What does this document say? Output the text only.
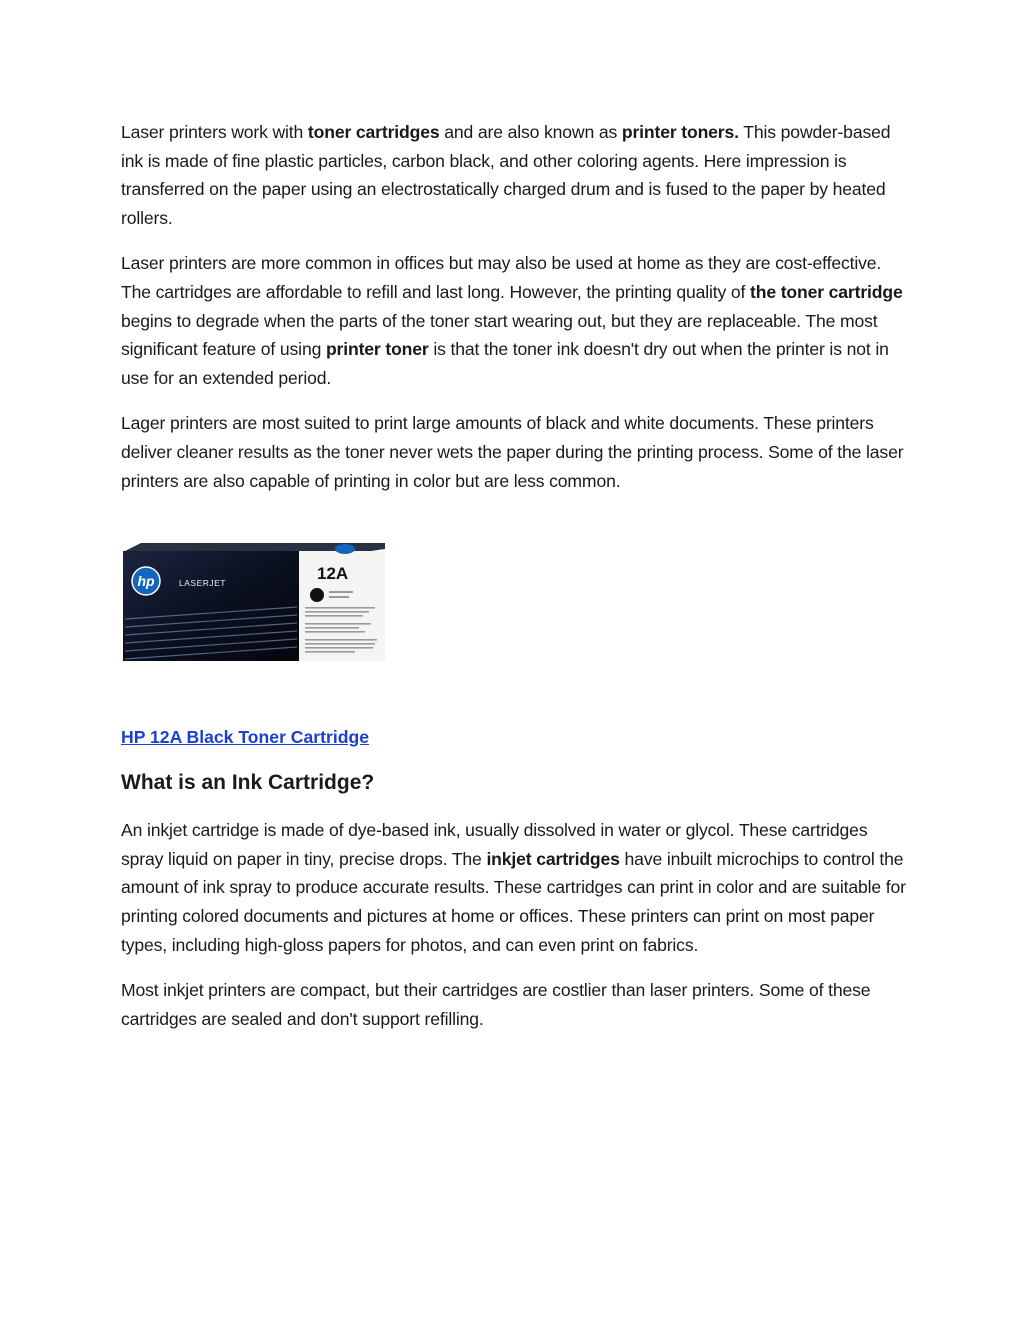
Laser printers work with toner cartridges and are also known as printer toners. This powder-based ink is made of fine plastic particles, carbon black, and other coloring agents. Here impression is transferred on the paper using an electrostatically charged drum and is fused to the paper by heated rollers.

Laser printers are more common in offices but may also be used at home as they are cost-effective. The cartridges are affordable to refill and last long. However, the printing quality of the toner cartridge begins to degrade when the parts of the toner start wearing out, but they are replaceable. The most significant feature of using printer toner is that the toner ink doesn't dry out when the printer is not in use for an extended period.

Lager printers are most suited to print large amounts of black and white documents. These printers deliver cleaner results as the toner never wets the paper during the printing process. Some of the laser printers are also capable of printing in color but are less common.

hp	LASERJET	12A
HP 12A Black Toner Cartridge
What is an Ink Cartridge?

An inkjet cartridge is made of dye-based ink, usually dissolved in water or glycol. These cartridges spray liquid on paper in tiny, precise drops. The inkjet cartridges have inbuilt microchips to control the amount of ink spray to produce accurate results. These cartridges can print in color and are suitable for printing colored documents and pictures at home or offices. These printers can print on most paper types, including high-gloss papers for photos, and can even print on fabrics.

Most inkjet printers are compact, but their cartridges are costlier than laser printers. Some of these cartridges are sealed and don't support refilling.
